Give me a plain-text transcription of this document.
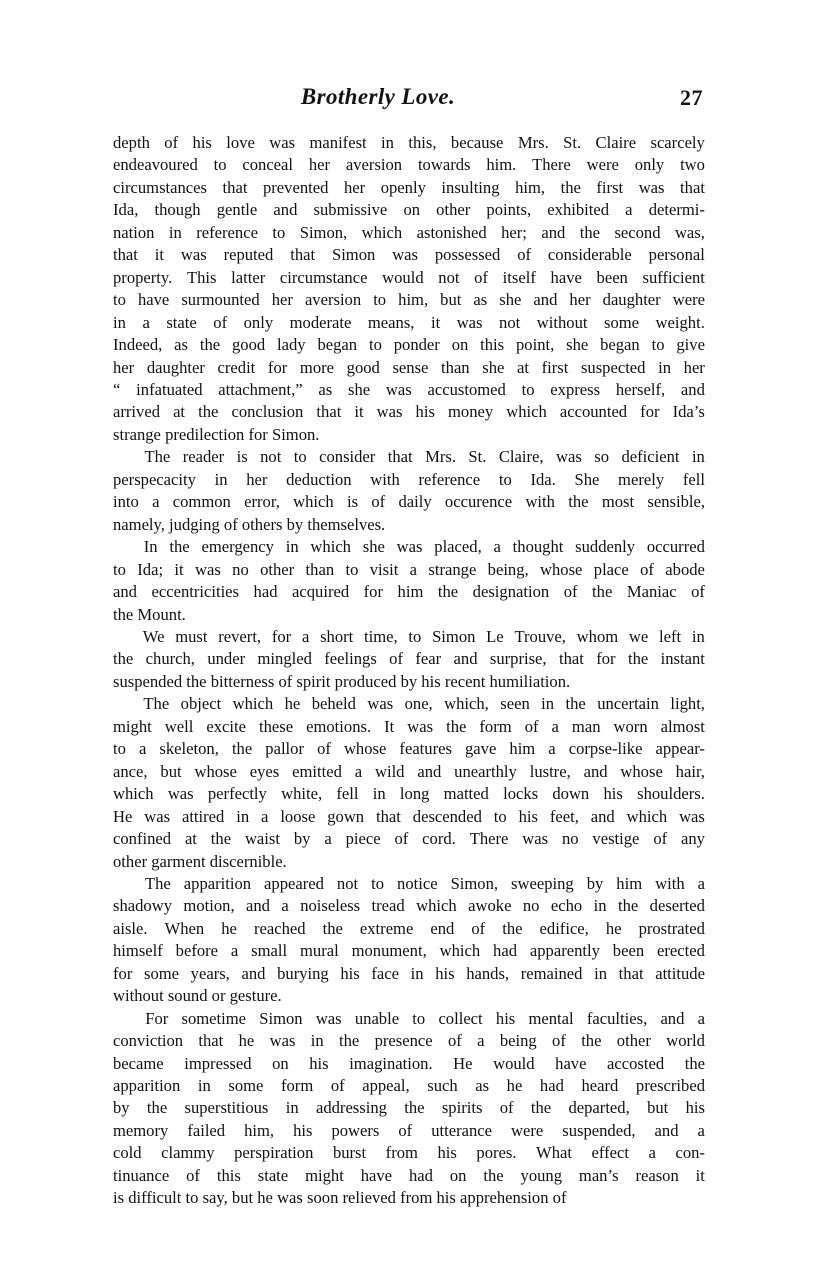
Brotherly Love.	27

depth of his love was manifest in this, because Mrs. St. Claire scarcely
endeavoured to conceal her aversion towards him. There were only two
circumstances that prevented her openly insulting him, the first was that
Ida, though gentle and submissive on other points, exhibited a determi-
nation in reference to Simon, which astonished her; and the second was,
that it was reputed that Simon was possessed of considerable personal
property. This latter circumstance would not of itself have been sufficient
to have surmounted her aversion to him, but as she and her daughter were
in a state of only moderate means, it was not without some weight.
Indeed, as the good lady began to ponder on this point, she began to give
her daughter credit for more good sense than she at first suspected in her
“ infatuated attachment,” as she was accustomed to express herself, and
arrived at the conclusion that it was his money which accounted for Ida’s
strange predilection for Simon.

The reader is not to consider that Mrs. St. Claire, was so deficient in
perspecacity in her deduction with reference to Ida. She merely fell
into a common error, which is of daily occurence with the most sensible,
namely, judging of others by themselves.

In the emergency in which she was placed, a thought suddenly occurred
to Ida; it was no other than to visit a strange being, whose place of abode
and eccentricities had acquired for him the designation of the Maniac of
the Mount.

We must revert, for a short time, to Simon Le Trouve, whom we left in
the church, under mingled feelings of fear and surprise, that for the instant
suspended the bitterness of spirit produced by his recent humiliation.

The object which he beheld was one, which, seen in the uncertain light,
might well excite these emotions. It was the form of a man worn almost
to a skeleton, the pallor of whose features gave him a corpse-like appear-
ance, but whose eyes emitted a wild and unearthly lustre, and whose hair,
which was perfectly white, fell in long matted locks down his shoulders.
He was attired in a loose gown that descended to his feet, and which was
confined at the waist by a piece of cord. There was no vestige of any
other garment discernible.

The apparition appeared not to notice Simon, sweeping by him with a
shadowy motion, and a noiseless tread which awoke no echo in the deserted
aisle. When he reached the extreme end of the edifice, he prostrated
himself before a small mural monument, which had apparently been erected
for some years, and burying his face in his hands, remained in that attitude
without sound or gesture.

For sometime Simon was unable to collect his mental faculties, and a
conviction that he was in the presence of a being of the other world
became impressed on his imagination. He would have accosted the
apparition in some form of appeal, such as he had heard prescribed
by the superstitious in addressing the spirits of the departed, but his
memory failed him, his powers of utterance were suspended, and a
cold clammy perspiration burst from his pores. What effect a con-
tinuance of this state might have had on the young man’s reason it
is difficult to say, but he was soon relieved from his apprehension of
